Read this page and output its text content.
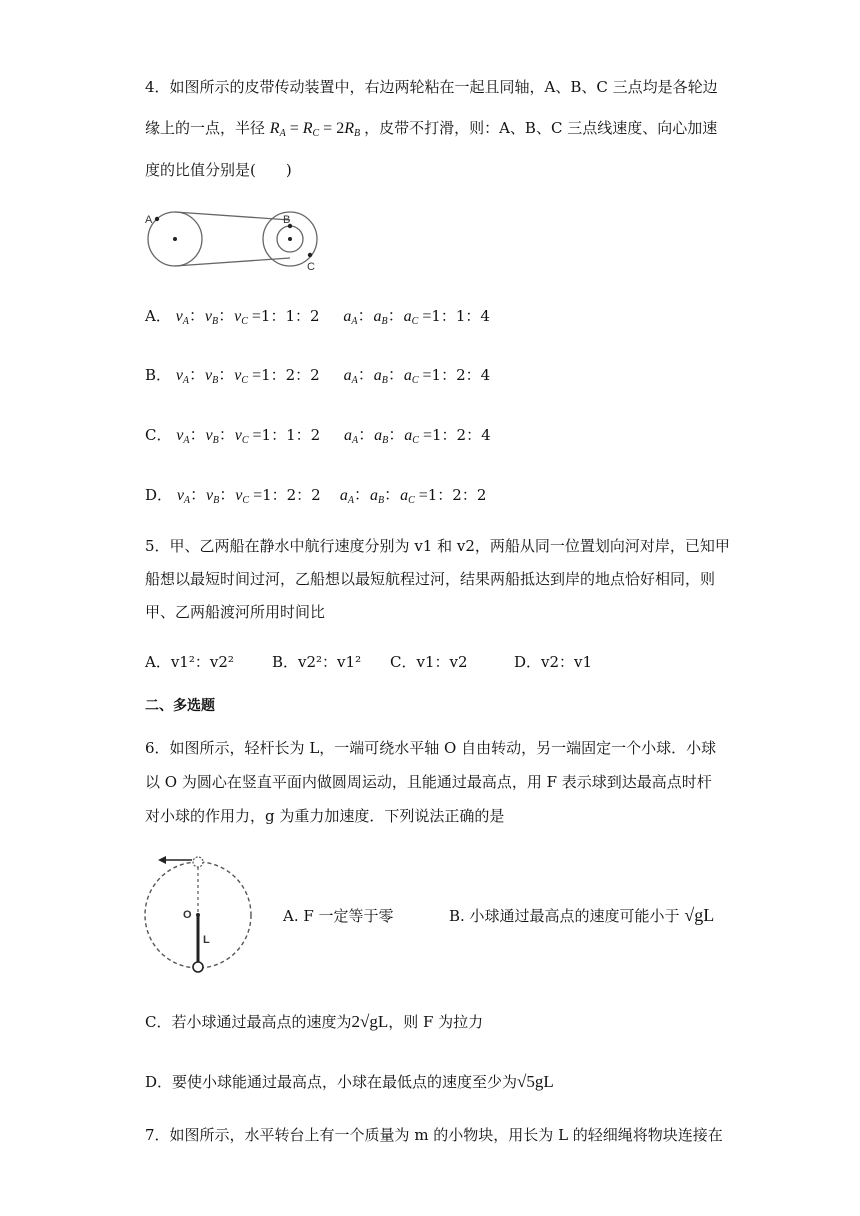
4．如图所示的皮带传动装置中，右边两轮粘在一起且同轴，A、B、C 三点均是各轮边
缘上的一点，半径 $R_A = R_C = 2R_B$ ，皮带不打滑，则：A、B、C 三点线速度、向心加速
度的比值分别是(　　)
A	B
C
A． $v_A$：$v_B$：$v_C =1$：1：2 $a_A$：$a_B$：$a_C =1$：1：4
B． $v_A$：$v_B$：$v_C =1$：2：2 $a_A$：$a_B$：$a_C =1$：2：4
C． $v_A$：$v_B$：$v_C =1$：1：2 $a_A$：$a_B$：$a_C =1$：2：4
D． $v_A$：$v_B$：$v_C =1$：2：2 $a_A$：$a_B$：$a_C =1$：2：2
5．甲、乙两船在静水中航行速度分别为 v1 和 v2，两船从同一位置划向河对岸，已知甲
船想以最短时间过河，乙船想以最短航程过河，结果两船抵达到岸的地点恰好相同，则
甲、乙两船渡河所用时间比
A．v1²：v2²	B．v2²：v1² C．v1：v2	D．v2：v1
二、多选题
6．如图所示，轻杆长为 L，一端可绕水平轴 O 自由转动，另一端固定一个小球．小球
以 O 为圆心在竖直平面内做圆周运动，且能通过最高点，用 F 表示球到达最高点时杆
对小球的作用力，g 为重力加速度．下列说法正确的是
O
L
A. F 一定等于零	B. 小球通过最高点的速度可能小于 √gL
C．若小球通过最高点的速度为2√gL，则 F 为拉力
D．要使小球能通过最高点，小球在最低点的速度至少为√5gL
7．如图所示，水平转台上有一个质量为 m 的小物块，用长为 L 的轻细绳将物块连接在
